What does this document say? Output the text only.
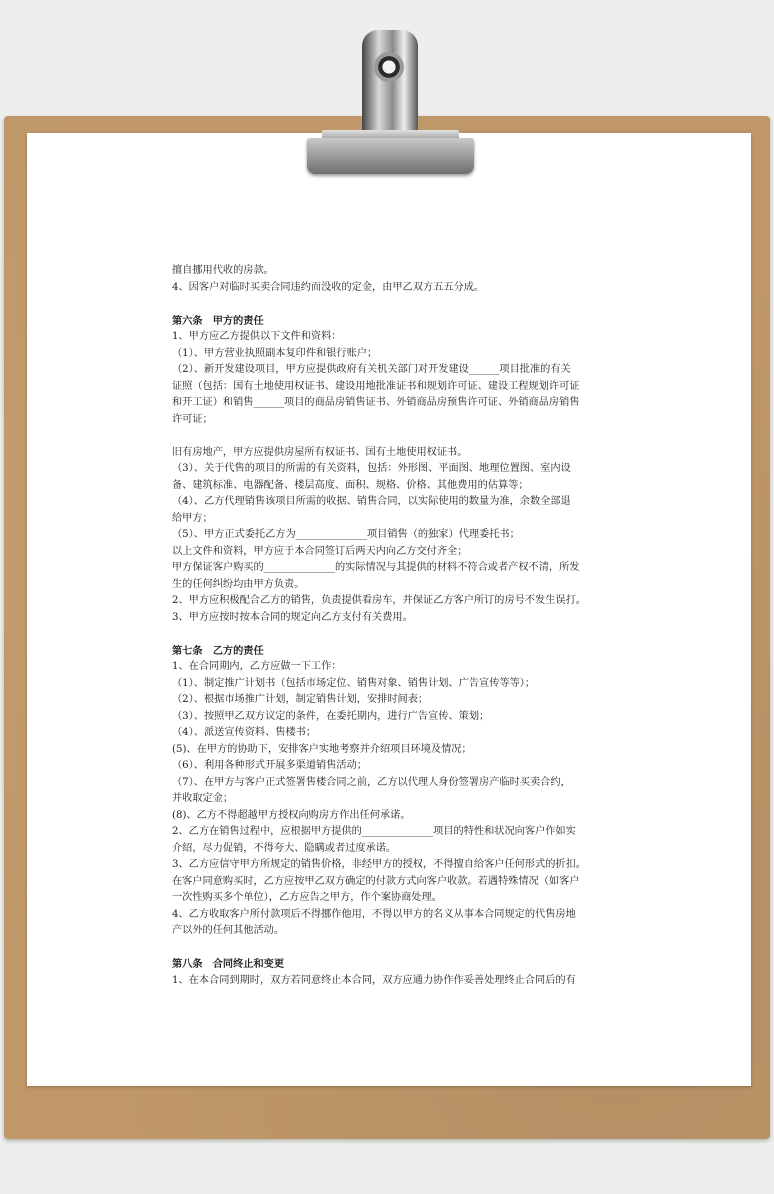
擅自挪用代收的房款。

4、因客户对临时买卖合同违约而没收的定金，由甲乙双方五五分成。

第六条　甲方的责任

1、甲方应乙方提供以下文件和资料：

（1）、甲方营业执照副本复印件和银行账户；

（2）、新开发建设项目，甲方应提供政府有关机关部门对开发建设______项目批准的有关

证照（包括：国有土地使用权证书、建设用地批准证书和规划许可证、建设工程规划许可证

和开工证）和销售______项目的商品房销售证书、外销商品房预售许可证、外销商品房销售

许可证；

旧有房地产，甲方应提供房屋所有权证书、国有土地使用权证书。

（3）、关于代售的项目的所需的有关资料，包括：外形图、平面图、地理位置图、室内设

备、建筑标准、电器配备、楼层高度、面积、规格、价格、其他费用的估算等；

（4）、乙方代理销售该项目所需的收据、销售合同，以实际使用的数量为准，余数全部退

给甲方；

（5）、甲方正式委托乙方为______________项目销售（的独家）代理委托书；

以上文件和资料，甲方应于本合同签订后两天内向乙方交付齐全；

甲方保证客户购买的______________的实际情况与其提供的材料不符合或者产权不清，所发

生的任何纠纷均由甲方负责。

2、甲方应积极配合乙方的销售，负责提供看房车，并保证乙方客户所订的房号不发生误打。

3、甲方应按时按本合同的规定向乙方支付有关费用。

第七条　乙方的责任

1、在合同期内，乙方应做一下工作：

（1）、制定推广计划书（包括市场定位、销售对象、销售计划、广告宣传等等）；

（2）、根据市场推广计划，制定销售计划，安排时间表；

（3）、按照甲乙双方议定的条件，在委托期内，进行广告宣传、策划；

（4）、派送宣传资料、售楼书；

(5)、在甲方的协助下，安排客户实地考察并介绍项目环境及情况；

（6）、利用各种形式开展多渠道销售活动；

（7）、在甲方与客户正式签署售楼合同之前，乙方以代理人身份签署房产临时买卖合约，

并收取定金；

(8)、乙方不得超越甲方授权向购房方作出任何承诺。

2、乙方在销售过程中，应根据甲方提供的______________项目的特性和状况向客户作如实

介绍，尽力促销，不得夸大、隐瞒或者过度承诺。

3、乙方应信守甲方所规定的销售价格，非经甲方的授权，不得擅自给客户任何形式的折扣。

在客户同意购买时，乙方应按甲乙双方确定的付款方式向客户收款。若遇特殊情况（如客户

一次性购买多个单位），乙方应告之甲方，作个案协商处理。

4、乙方收取客户所付款项后不得挪作他用，不得以甲方的名义从事本合同规定的代售房地

产以外的任何其他活动。

第八条　合同终止和变更

1、在本合同到期时，双方若同意终止本合同，双方应通力协作作妥善处理终止合同后的有
